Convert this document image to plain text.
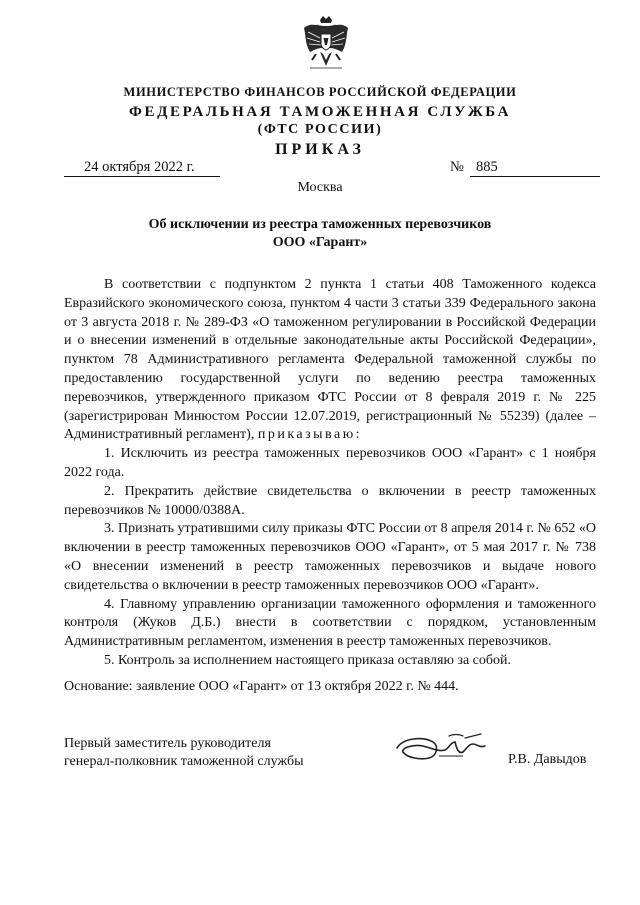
МИНИСТЕРСТВО ФИНАНСОВ РОССИЙСКОЙ ФЕДЕРАЦИИ
ФЕДЕРАЛЬНАЯ ТАМОЖЕННАЯ СЛУЖБА
(ФТС РОССИИ)
ПРИКАЗ
24 октября 2022 г.	№ 885
Москва
Об исключении из реестра таможенных перевозчиков
ООО «Гарант»

В соответствии с подпунктом 2 пункта 1 статьи 408 Таможенного кодекса Евразийского экономического союза, пунктом 4 части 3 статьи 339 Федерального закона от 3 августа 2018 г. № 289-ФЗ «О таможенном регулировании в Российской Федерации и о внесении изменений в отдельные законодательные акты Российской Федерации», пунктом 78 Административного регламента Федеральной таможенной службы по предоставлению государственной услуги по ведению реестра таможенных перевозчиков, утвержденного приказом ФТС России от 8 февраля 2019 г. № 225 (зарегистрирован Минюстом России 12.07.2019, регистрационный № 55239) (далее – Административный регламент), приказываю:

1. Исключить из реестра таможенных перевозчиков ООО «Гарант» с 1 ноября 2022 года.

2. Прекратить действие свидетельства о включении в реестр таможенных перевозчиков № 10000/0388А.

3. Признать утратившими силу приказы ФТС России от 8 апреля 2014 г. № 652 «О включении в реестр таможенных перевозчиков ООО «Гарант», от 5 мая 2017 г. № 738 «О внесении изменений в реестр таможенных перевозчиков и выдаче нового свидетельства о включении в реестр таможенных перевозчиков ООО «Гарант».

4. Главному управлению организации таможенного оформления и таможенного контроля (Жуков Д.Б.) внести в соответствии с порядком, установленным Административным регламентом, изменения в реестр таможенных перевозчиков.

5. Контроль за исполнением настоящего приказа оставляю за собой.

Основание: заявление ООО «Гарант» от 13 октября 2022 г. № 444.
Первый заместитель руководителя
генерал-полковник таможенной службы	Р.В. Давыдов
